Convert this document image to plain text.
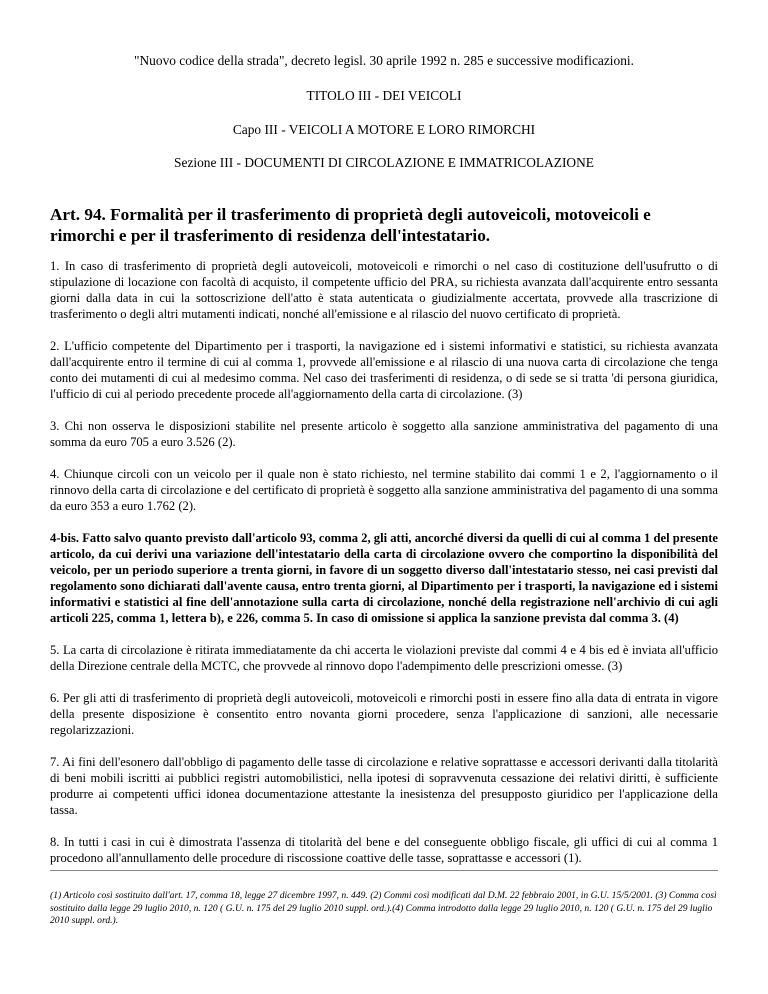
"Nuovo codice della strada", decreto legisl. 30 aprile 1992 n. 285 e successive modificazioni.
TITOLO III - DEI VEICOLI
Capo III - VEICOLI A MOTORE E LORO RIMORCHI
Sezione III - DOCUMENTI DI CIRCOLAZIONE E IMMATRICOLAZIONE
Art. 94. Formalità per il trasferimento di proprietà degli autoveicoli, motoveicoli e rimorchi e per il trasferimento di residenza dell'intestatario.

1. In caso di trasferimento di proprietà degli autoveicoli, motoveicoli e rimorchi o nel caso di costituzione dell'usufrutto o di stipulazione di locazione con facoltà di acquisto, il competente ufficio del PRA, su richiesta avanzata dall'acquirente entro sessanta giorni dalla data in cui la sottoscrizione dell'atto è stata autenticata o giudizialmente accertata, provvede alla trascrizione di trasferimento o degli altri mutamenti indicati, nonché all'emissione e al rilascio del nuovo certificato di proprietà.

2. L'ufficio competente del Dipartimento per i trasporti, la navigazione ed i sistemi informativi e statistici, su richiesta avanzata dall'acquirente entro il termine di cui al comma 1, provvede all'emissione e al rilascio di una nuova carta di circolazione che tenga conto dei mutamenti di cui al medesimo comma. Nel caso dei trasferimenti di residenza, o di sede se si tratta 'di persona giuridica, l'ufficio di cui al periodo precedente procede all'aggiornamento della carta di circolazione. (3)

3. Chi non osserva le disposizioni stabilite nel presente articolo è soggetto alla sanzione amministrativa del pagamento di una somma da euro 705 a euro 3.526 (2).

4. Chiunque circoli con un veicolo per il quale non è stato richiesto, nel termine stabilito dai commi 1 e 2, l'aggiornamento o il rinnovo della carta di circolazione e del certificato di proprietà è soggetto alla sanzione amministrativa del pagamento di una somma da euro 353 a euro 1.762 (2).

4-bis. Fatto salvo quanto previsto dall'articolo 93, comma 2, gli atti, ancorché diversi da quelli di cui al comma 1 del presente articolo, da cui derivi una variazione dell'intestatario della carta di circolazione ovvero che comportino la disponibilità del veicolo, per un periodo superiore a trenta giorni, in favore di un soggetto diverso dall'intestatario stesso, nei casi previsti dal regolamento sono dichiarati dall'avente causa, entro trenta giorni, al Dipartimento per i trasporti, la navigazione ed i sistemi informativi e statistici al fine dell'annotazione sulla carta di circolazione, nonché della registrazione nell'archivio di cui agli articoli 225, comma 1, lettera b), e 226, comma 5. In caso di omissione si applica la sanzione prevista dal comma 3. (4)

5. La carta di circolazione è ritirata immediatamente da chi accerta le violazioni previste dal commi 4 e 4 bis ed è inviata all'ufficio della Direzione centrale della MCTC, che provvede al rinnovo dopo l'adempimento delle prescrizioni omesse. (3)

6. Per gli atti di trasferimento di proprietà degli autoveicoli, motoveicoli e rimorchi posti in essere fino alla data di entrata in vigore della presente disposizione è consentito entro novanta giorni procedere, senza l'applicazione di sanzioni, alle necessarie regolarizzazioni.

7. Ai fini dell'esonero dall'obbligo di pagamento delle tasse di circolazione e relative soprattasse e accessori derivanti dalla titolarità di beni mobili iscritti ai pubblici registri automobilistici, nella ipotesi di sopravvenuta cessazione dei relativi diritti, è sufficiente produrre ai competenti uffici idonea documentazione attestante la inesistenza del presupposto giuridico per l'applicazione della tassa.

8. In tutti i casi in cui è dimostrata l'assenza di titolarità del bene e del conseguente obbligo fiscale, gli uffici di cui al comma 1 procedono all'annullamento delle procedure di riscossione coattive delle tasse, soprattasse e accessori (1).

(1) Articolo così sostituito dall'art. 17, comma 18, legge 27 dicembre 1997, n. 449. (2) Commi così modificati dal D.M. 22 febbraio 2001, in G.U. 15/5/2001. (3) Comma così sostituito dalla legge 29 luglio 2010, n. 120 ( G.U. n. 175 del 29 luglio 2010 suppl. ord.).(4) Comma introdotto dalla legge 29 luglio 2010, n. 120 ( G.U. n. 175 del 29 luglio 2010 suppl. ord.).
